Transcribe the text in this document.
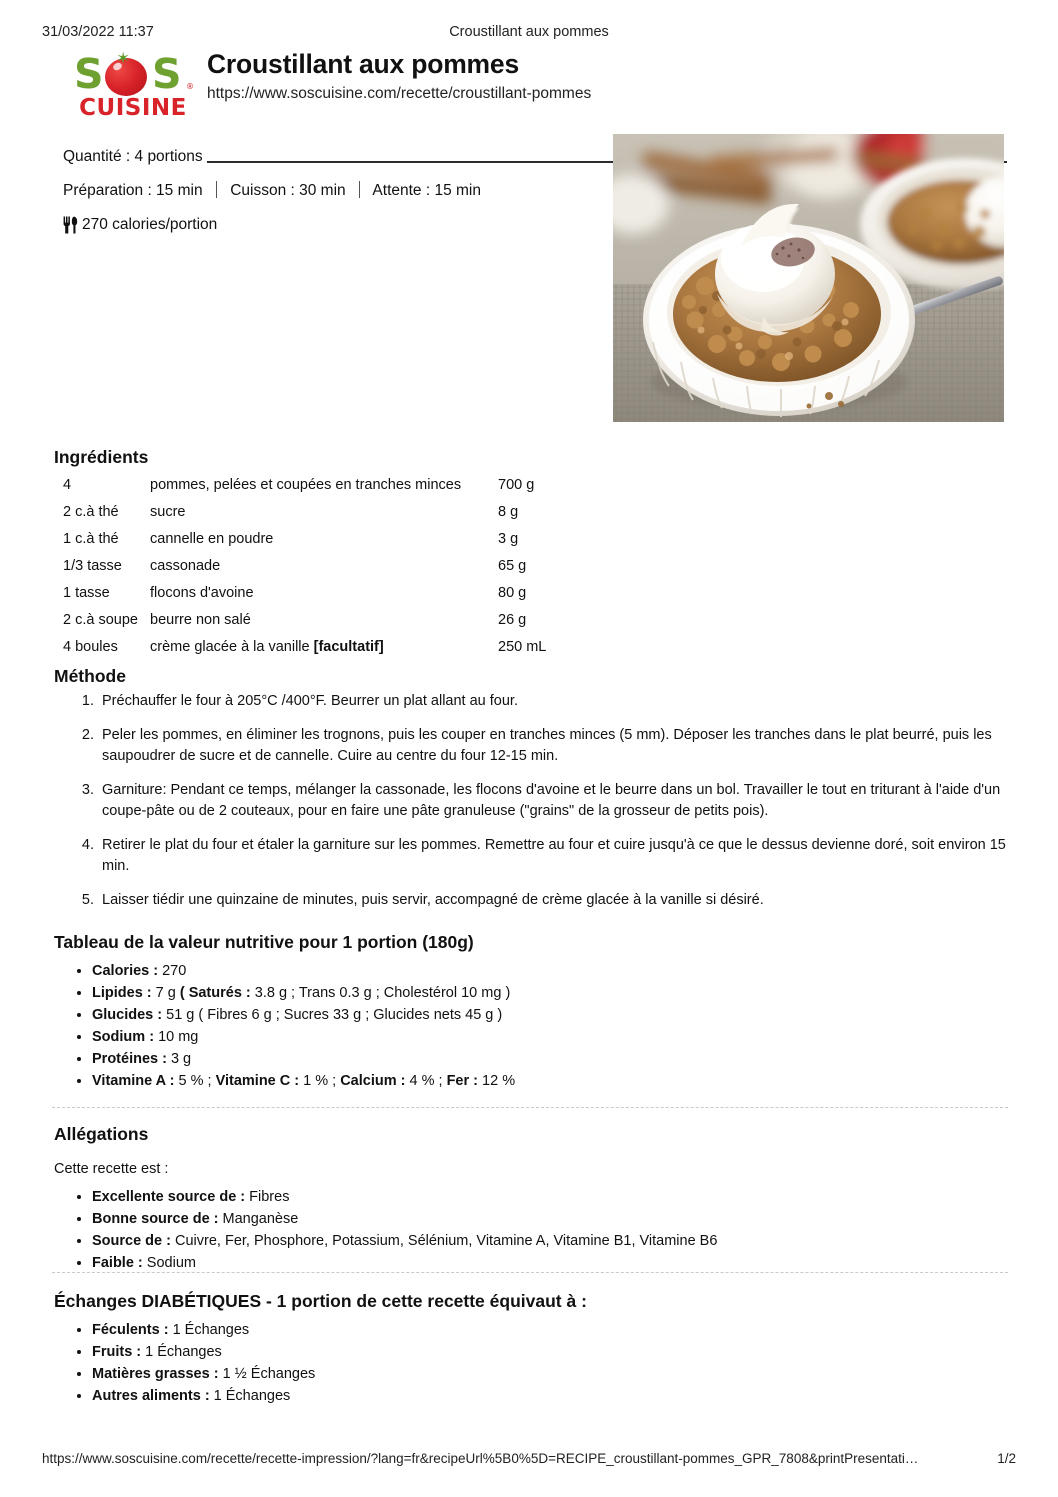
31/03/2022 11:37	Croustillant aux pommes
S ✶ S ®
CUISINE
Croustillant aux pommes
https://www.soscuisine.com/recette/croustillant-pommes
Quantité : 4 portions
Préparation : 15 min Cuisson : 30 min Attente : 15 min
270 calories/portion
Ingrédients
4	pommes, pelées et coupées en tranches minces	700 g
2 c.à thé	sucre	8 g
1 c.à thé	cannelle en poudre	3 g
1/3 tasse	cassonade	65 g
1 tasse	flocons d'avoine	80 g
2 c.à soupe	beurre non salé	26 g
4 boules	crème glacée à la vanille [facultatif]	250 mL
Méthode
1. Préchauffer le four à 205°C /400°F. Beurrer un plat allant au four.
2. Peler les pommes, en éliminer les trognons, puis les couper en tranches minces (5 mm). Déposer les tranches dans le plat beurré, puis les saupoudrer de sucre et de cannelle. Cuire au centre du four 12-15 min.
3. Garniture: Pendant ce temps, mélanger la cassonade, les flocons d'avoine et le beurre dans un bol. Travailler le tout en triturant à l'aide d'un coupe-pâte ou de 2 couteaux, pour en faire une pâte granuleuse ("grains" de la grosseur de petits pois).
4. Retirer le plat du four et étaler la garniture sur les pommes. Remettre au four et cuire jusqu'à ce que le dessus devienne doré, soit environ 15 min.
5. Laisser tiédir une quinzaine de minutes, puis servir, accompagné de crème glacée à la vanille si désiré.
Tableau de la valeur nutritive pour 1 portion (180g)
• Calories : 270
• Lipides : 7 g ( Saturés : 3.8 g ; Trans 0.3 g ; Cholestérol 10 mg )
• Glucides : 51 g ( Fibres 6 g ; Sucres 33 g ; Glucides nets 45 g )
• Sodium : 10 mg
• Protéines : 3 g
• Vitamine A : 5 % ; Vitamine C : 1 % ; Calcium : 4 % ; Fer : 12 %
Allégations

Cette recette est :

• Excellente source de : Fibres
• Bonne source de : Manganèse
• Source de : Cuivre, Fer, Phosphore, Potassium, Sélénium, Vitamine A, Vitamine B1, Vitamine B6
• Faible : Sodium
Échanges DIABÉTIQUES - 1 portion de cette recette équivaut à :
• Féculents : 1 Échanges
• Fruits : 1 Échanges
• Matières grasses : 1 ½ Échanges
• Autres aliments : 1 Échanges
https://www.soscuisine.com/recette/recette-impression/?lang=fr&recipeUrl%5B0%5D=RECIPE_croustillant-pommes_GPR_7808&printPresentati…	1/2
